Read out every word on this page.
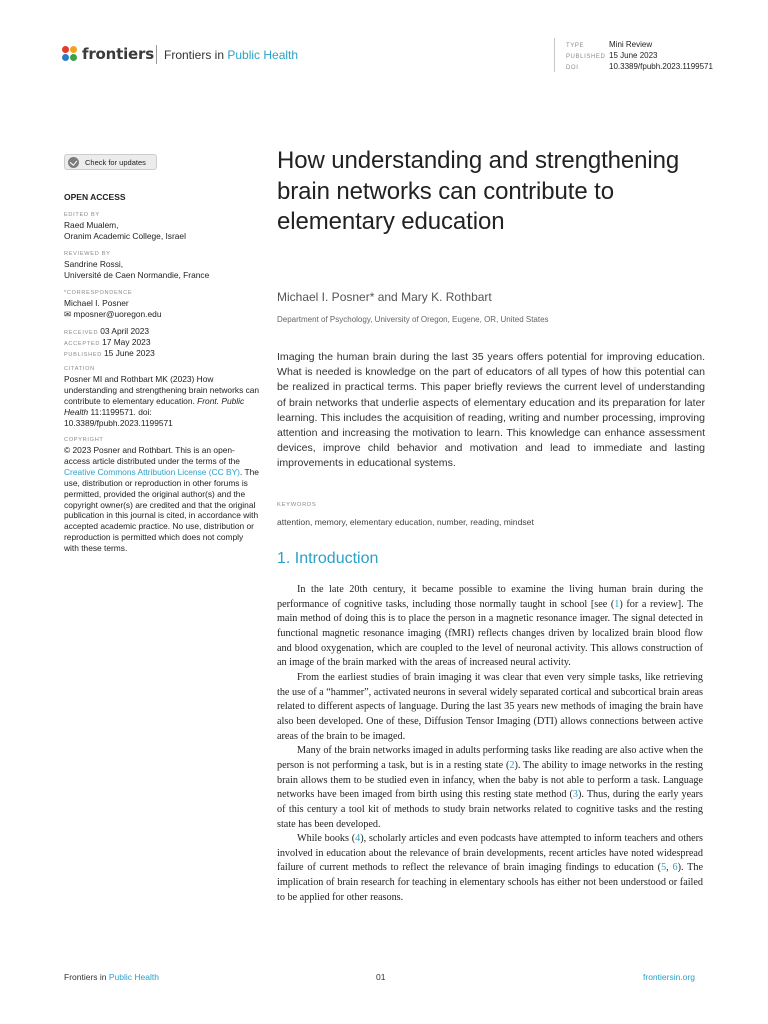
frontiers Frontiers in Public Health
TYPE	Mini Review
PUBLISHED 15 June 2023
DOI	10.3389/fpubh.2023.1199571
Check for updates
OPEN ACCESS
EDITED BY
Raed Mualem,
Oranim Academic College, Israel
REVIEWED BY
Sandrine Rossi,
Université de Caen Normandie, France
*CORRESPONDENCE
Michael I. Posner
✉ mposner@uoregon.edu
RECEIVED 03 April 2023
ACCEPTED 17 May 2023
PUBLISHED 15 June 2023
CITATION
Posner MI and Rothbart MK (2023) How understanding and strengthening brain networks can contribute to elementary education. Front. Public Health 11:1199571. doi: 10.3389/fpubh.2023.1199571
COPYRIGHT
© 2023 Posner and Rothbart. This is an open-access article distributed under the terms of the Creative Commons Attribution License (CC BY). The use, distribution or reproduction in other forums is permitted, provided the original author(s) and the copyright owner(s) are credited and that the original publication in this journal is cited, in accordance with accepted academic practice. No use, distribution or reproduction is permitted which does not comply with these terms.
How understanding and strengthening brain networks can contribute to elementary education
Michael I. Posner* and Mary K. Rothbart
Department of Psychology, University of Oregon, Eugene, OR, United States
Imaging the human brain during the last 35 years offers potential for improving education. What is needed is knowledge on the part of educators of all types of how this potential can be realized in practical terms. This paper briefly reviews the current level of understanding of brain networks that underlie aspects of elementary education and its preparation for later learning. This includes the acquisition of reading, writing and number processing, improving attention and increasing the motivation to learn. This knowledge can enhance assessment devices, improve child behavior and motivation and lead to immediate and lasting improvements in educational systems.
KEYWORDS
attention, memory, elementary education, number, reading, mindset
1. Introduction

In the late 20th century, it became possible to examine the living human brain during the performance of cognitive tasks, including those normally taught in school [see (1) for a review]. The main method of doing this is to place the person in a magnetic resonance imager. The signal detected in functional magnetic resonance imaging (fMRI) reflects changes driven by localized brain blood flow and blood oxygenation, which are coupled to the level of neuronal activity. This allows construction of an image of the brain marked with the areas of increased neural activity.

From the earliest studies of brain imaging it was clear that even very simple tasks, like retrieving the use of a “hammer”, activated neurons in several widely separated cortical and subcortical brain areas related to different aspects of language. During the last 35 years new methods of imaging the brain have also been developed. One of these, Diffusion Tensor Imaging (DTI) allows connections between active areas of the brain to be imaged.

Many of the brain networks imaged in adults performing tasks like reading are also active when the person is not performing a task, but is in a resting state (2). The ability to image networks in the resting brain allows them to be studied even in infancy, when the baby is not able to perform a task. Language networks have been imaged from birth using this resting state method (3). Thus, during the early years of this century a tool kit of methods to study brain networks related to cognitive tasks and the resting state has been developed.

While books (4), scholarly articles and even podcasts have attempted to inform teachers and others involved in education about the relevance of brain developments, recent articles have noted widespread failure of current methods to reflect the relevance of brain imaging findings to education (5, 6). The implication of brain research for teaching in elementary schools has either not been understood or failed to be applied for other reasons.

Frontiers in Public Health	01	frontiersin.org
